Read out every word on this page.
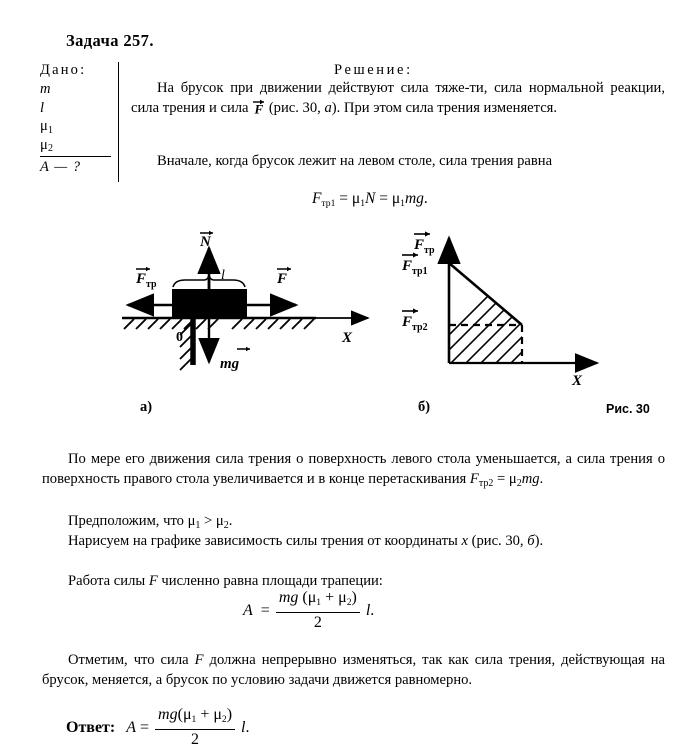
Задача 257.
Дано:
m
l
$\mu_1$
$\mu_2$
A — ?
Решение:
На брусок при движении действуют сила тяже‑ти, сила нормальной реакции, сила трения и сила F (рис. 30, а). При этом сила трения изменяется.
Вначале, когда брусок лежит на левом столе, сила трения равна
Fтр1 = μ1N = μ1mg.
N
F тр	F
l
0	X
mg
F тр
F тр1
F тр2
X
а)	б)	Рис. 30
По мере его движения сила трения о поверхность левого стола уменьшается, а сила трения о поверхность правого стола увеличивается и в конце перетаскивания $F_{тр2} = \mu_2mg$.
Предположим, что $\mu_1 > \mu_2$.
Нарисуем на графике зависимость силы трения от координаты x (рис. 30, б).
Работа силы F численно равна площади трапеции:
$A = \frac{mg (\mu 1 + \mu 2)}{2} l$.
Отметим, что сила F должна непрерывно изменяться, так как сила трения, действующая на брусок, меняется, а брусок по условию задачи движется равномерно.
Ответ: $A = \frac{mg(\mu 1 + \mu 2)}{2} l$.
